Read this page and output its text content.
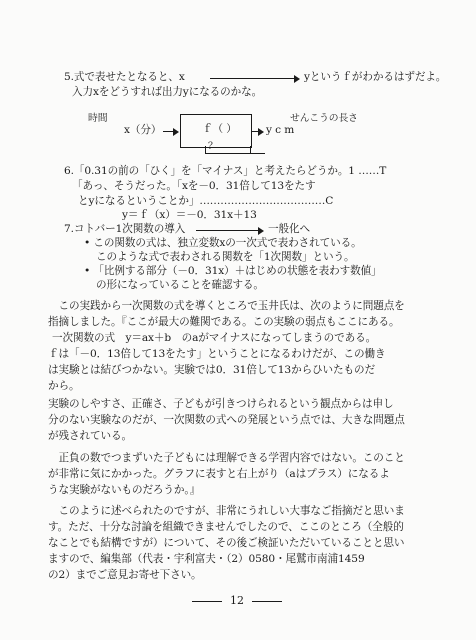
5.式で表せたとなると、x	yというｆがわかるはずだよ。
入力xをどうすれば出力yになるのかな。
時間	せんこうの長さ
ｆ（ ）
？
x（分）	y c m
6.「0.31の前の「ひく」を「マイナス」と考えたらどうか。1 ……T
「あっ、そうだった。「xを－0．31倍して13をたす
とyになるということか」………………………………C
y＝ｆ（x）＝－0．31x＋13
7.コトバー1次関数の導入	一般化へ
• この関数の式は、独立変数xの一次式で表わされている。
このような式で表わされる関数を「1次関数」という。
• 「比例する部分（－0．31x）＋はじめの状態を表わす数値」
の形になっていることを確認する。
　この実践から一次関数の式を導くところで玉井氏は、次のように問題点を
指摘しました。『ここが最大の難関である。この実験の弱点もここにある。
一次関数の式　y＝ax＋b　のaがマイナスになってしまうのである。
ｆは「－0．13倍して13をたす」ということになるわけだが、この働き
は実験とは結びつかない。実験では0．31倍して13からひいたものだ
から。
実験のしやすさ、正確さ、子どもが引きつけられるという観点からは申し
分のない実験なのだが、一次関数の式への発展という点では、大きな問題点
が残されている。
　正負の数でつまずいた子どもには理解できる学習内容ではない。このこと
が非常に気にかかった。グラフに表すと右上がり（aはプラス）になるよ
うな実験がないものだろうか。』
　このように述べられたのですが、非常にうれしい大事なご指摘だと思いま
す。ただ、十分な討論を組織できませんでしたので、ここのところ（全般的
なことでも結構ですが）について、その後ご検証いただいていることと思い
ますので、編集部（代表・宇利富夫・（2）0580・尾鷲市南浦1459
の2）までご意見お寄せ下さい。
12
